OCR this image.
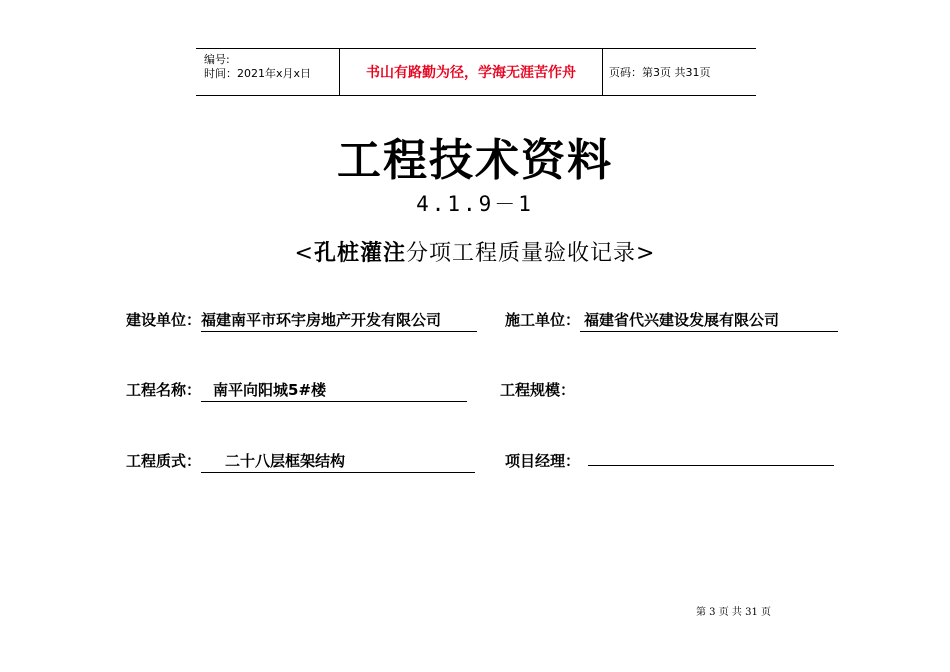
编号:
时间：2021年x月x日	书山有路勤为径，学海无涯苦作舟	页码：第3页 共31页
工程技术资料
4.1.9－1
<孔桩灌注分项工程质量验收记录>
建设单位：福建南平市环宇房地产开发有限公司	施工单位： 福建省代兴建设发展有限公司
工程名称： 南平向阳城5#楼	工程规模：
工程质式： 二十八层框架结构	项目经理：
第 3 页 共 31 页
